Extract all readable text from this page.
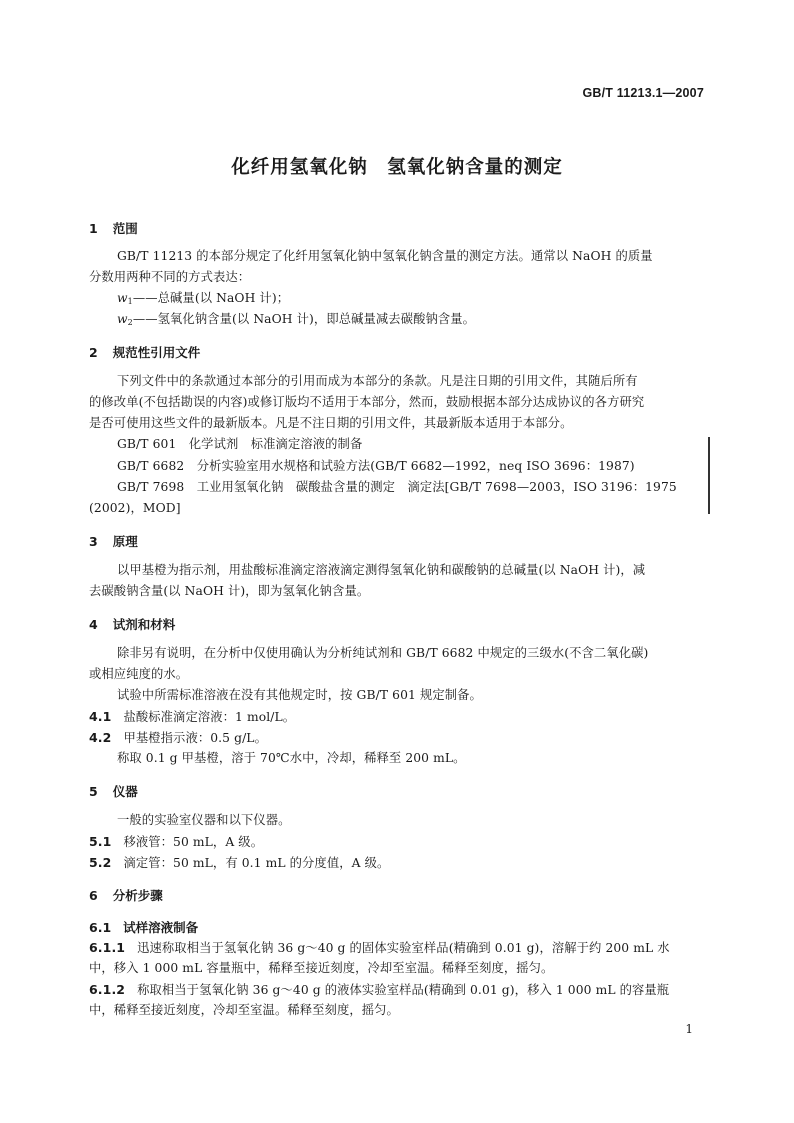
GB/T 11213.1—2007
化纤用氢氧化钠 氢氧化钠含量的测定
1 范围
GB/T 11213 的本部分规定了化纤用氢氧化钠中氢氧化钠含量的测定方法。通常以 NaOH 的质量
分数用两种不同的方式表达：
$w_1——$总碱量(以 NaOH 计)；
$w_2——$氢氧化钠含量(以 NaOH 计)，即总碱量减去碳酸钠含量。
2 规范性引用文件
下列文件中的条款通过本部分的引用而成为本部分的条款。凡是注日期的引用文件，其随后所有
的修改单(不包括勘误的内容)或修订版均不适用于本部分，然而，鼓励根据本部分达成协议的各方研究
是否可使用这些文件的最新版本。凡是不注日期的引用文件，其最新版本适用于本部分。
GB/T 601　化学试剂　标准滴定溶液的制备
GB/T 6682　分析实验室用水规格和试验方法(GB/T 6682—1992，neq ISO 3696：1987)
GB/T 7698　工业用氢氧化钠　碳酸盐含量的测定　滴定法[GB/T 7698—2003，ISO 3196：1975
(2002)，MOD]
3 原理
以甲基橙为指示剂，用盐酸标准滴定溶液滴定测得氢氧化钠和碳酸钠的总碱量(以 NaOH 计)，减
去碳酸钠含量(以 NaOH 计)，即为氢氧化钠含量。
4 试剂和材料
除非另有说明，在分析中仅使用确认为分析纯试剂和 GB/T 6682 中规定的三级水(不含二氧化碳)
或相应纯度的水。
试验中所需标准溶液在没有其他规定时，按 GB/T 601 规定制备。
4.1 盐酸标准滴定溶液：1 mol/L。
4.2 甲基橙指示液：0.5 g/L。
称取 0.1 g 甲基橙，溶于 70℃水中，冷却，稀释至 200 mL。
5 仪器
一般的实验室仪器和以下仪器。
5.1 移液管：50 mL，A 级。
5.2 滴定管：50 mL，有 0.1 mL 的分度值，A 级。
6 分析步骤
6.1 试样溶液制备
6.1.1 迅速称取相当于氢氧化钠 36 g～40 g 的固体实验室样品(精确到 0.01 g)，溶解于约 200 mL 水
中，移入 1 000 mL 容量瓶中，稀释至接近刻度，冷却至室温。稀释至刻度，摇匀。
6.1.2 称取相当于氢氧化钠 36 g～40 g 的液体实验室样品(精确到 0.01 g)，移入 1 000 mL 的容量瓶
中，稀释至接近刻度，冷却至室温。稀释至刻度，摇匀。
1
